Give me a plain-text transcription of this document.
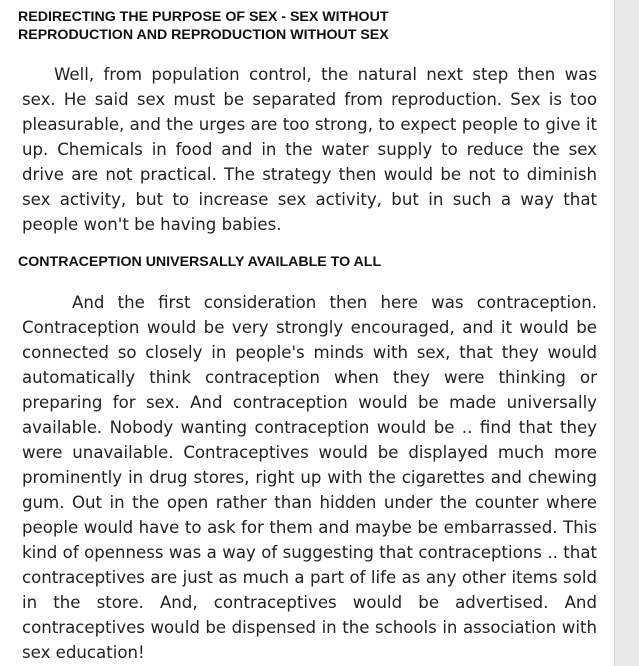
REDIRECTING THE PURPOSE OF SEX - SEX WITHOUT REPRODUCTION AND REPRODUCTION WITHOUT SEX

Well, from population control, the natural next step then was sex. He said sex must be separated from reproduction. Sex is too pleasurable, and the urges are too strong, to expect people to give it up. Chemicals in food and in the water supply to reduce the sex drive are not practical. The strategy then would be not to diminish sex activity, but to increase sex activity, but in such a way that people won't be having babies.

CONTRACEPTION UNIVERSALLY AVAILABLE TO ALL

And the first consideration then here was contraception. Contraception would be very strongly encouraged, and it would be connected so closely in people's minds with sex, that they would automatically think contraception when they were thinking or preparing for sex. And contraception would be made universally available. Nobody wanting contraception would be .. find that they were unavailable. Contraceptives would be displayed much more prominently in drug stores, right up with the cigarettes and chewing gum. Out in the open rather than hidden under the counter where people would have to ask for them and maybe be embarrassed. This kind of openness was a way of suggesting that contraceptions .. that contraceptives are just as much a part of life as any other items sold in the store. And, contraceptives would be advertised. And contraceptives would be dispensed in the schools in association with sex education!
